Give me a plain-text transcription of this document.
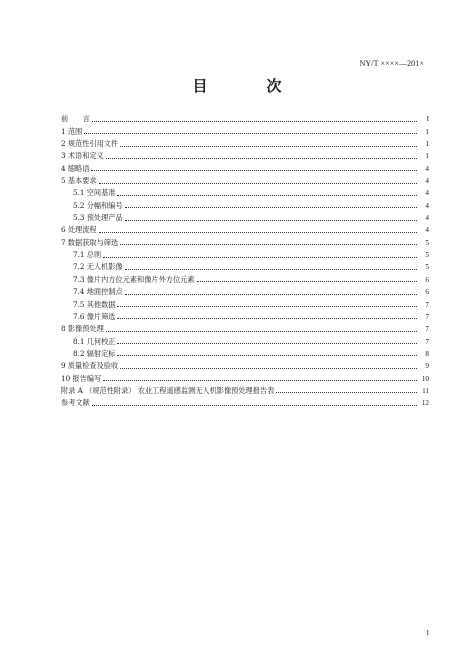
NY/T ××××—201×
目　次
前　　言	I
1 范围	1
2 规范性引用文件	1
3 术语和定义	1
4 缩略语	4
5 基本要求	4
5.1 空间基准	4
5.2 分幅和编号	4
5.3 预处理产品	4
6 处理流程	4
7 数据获取与筛选	5
7.1 总则	5
7.2 无人机影像	5
7.3 像片内方位元素和像片外方位元素	6
7.4 地面控制点	6
7.5 其他数据	7
7.6 像片筛选	7
8 影像预处理	7
8.1 几何校正	7
8.2 辐射定标	8
9 质量检查及验收	9
10 报告编写	10
附录 A （规范性附录） 农业工程遥感监测无人机影像预处理报告表	11
参考文献	12
I
